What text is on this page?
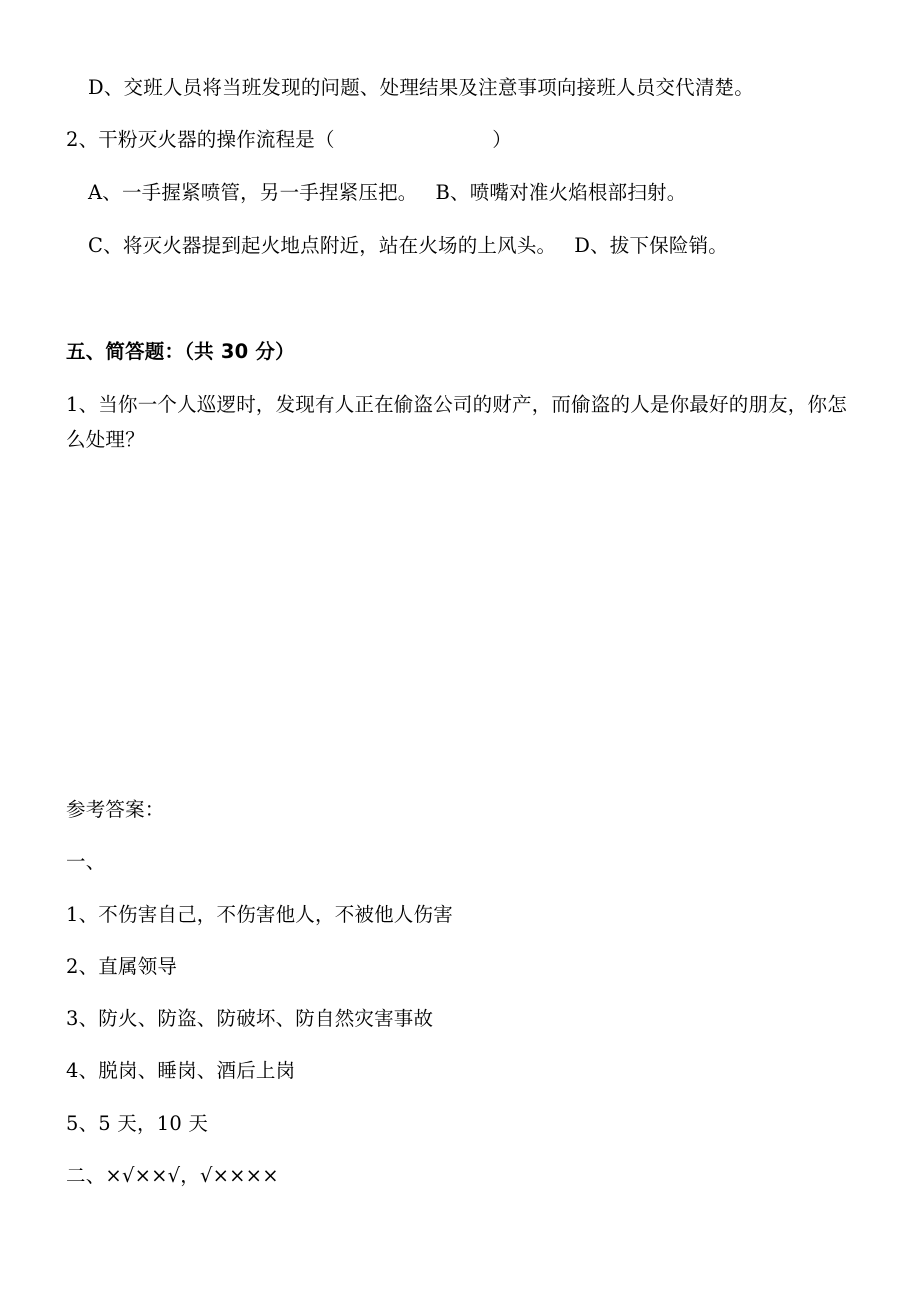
D、交班人员将当班发现的问题、处理结果及注意事项向接班人员交代清楚。
2、干粉灭火器的操作流程是（　　　　　　　　）
A、一手握紧喷管，另一手捏紧压把。 B、喷嘴对准火焰根部扫射。
C、将灭火器提到起火地点附近，站在火场的上风头。 D、拔下保险销。
五、简答题：（共 30 分）
1、当你一个人巡逻时，发现有人正在偷盗公司的财产，而偷盗的人是你最好的朋友，你怎么处理？
参考答案：
一、
1、不伤害自己，不伤害他人，不被他人伤害
2、直属领导
3、防火、防盗、防破坏、防自然灾害事故
4、脱岗、睡岗、酒后上岗
5、5 天，10 天
二、×√××√，√××××
